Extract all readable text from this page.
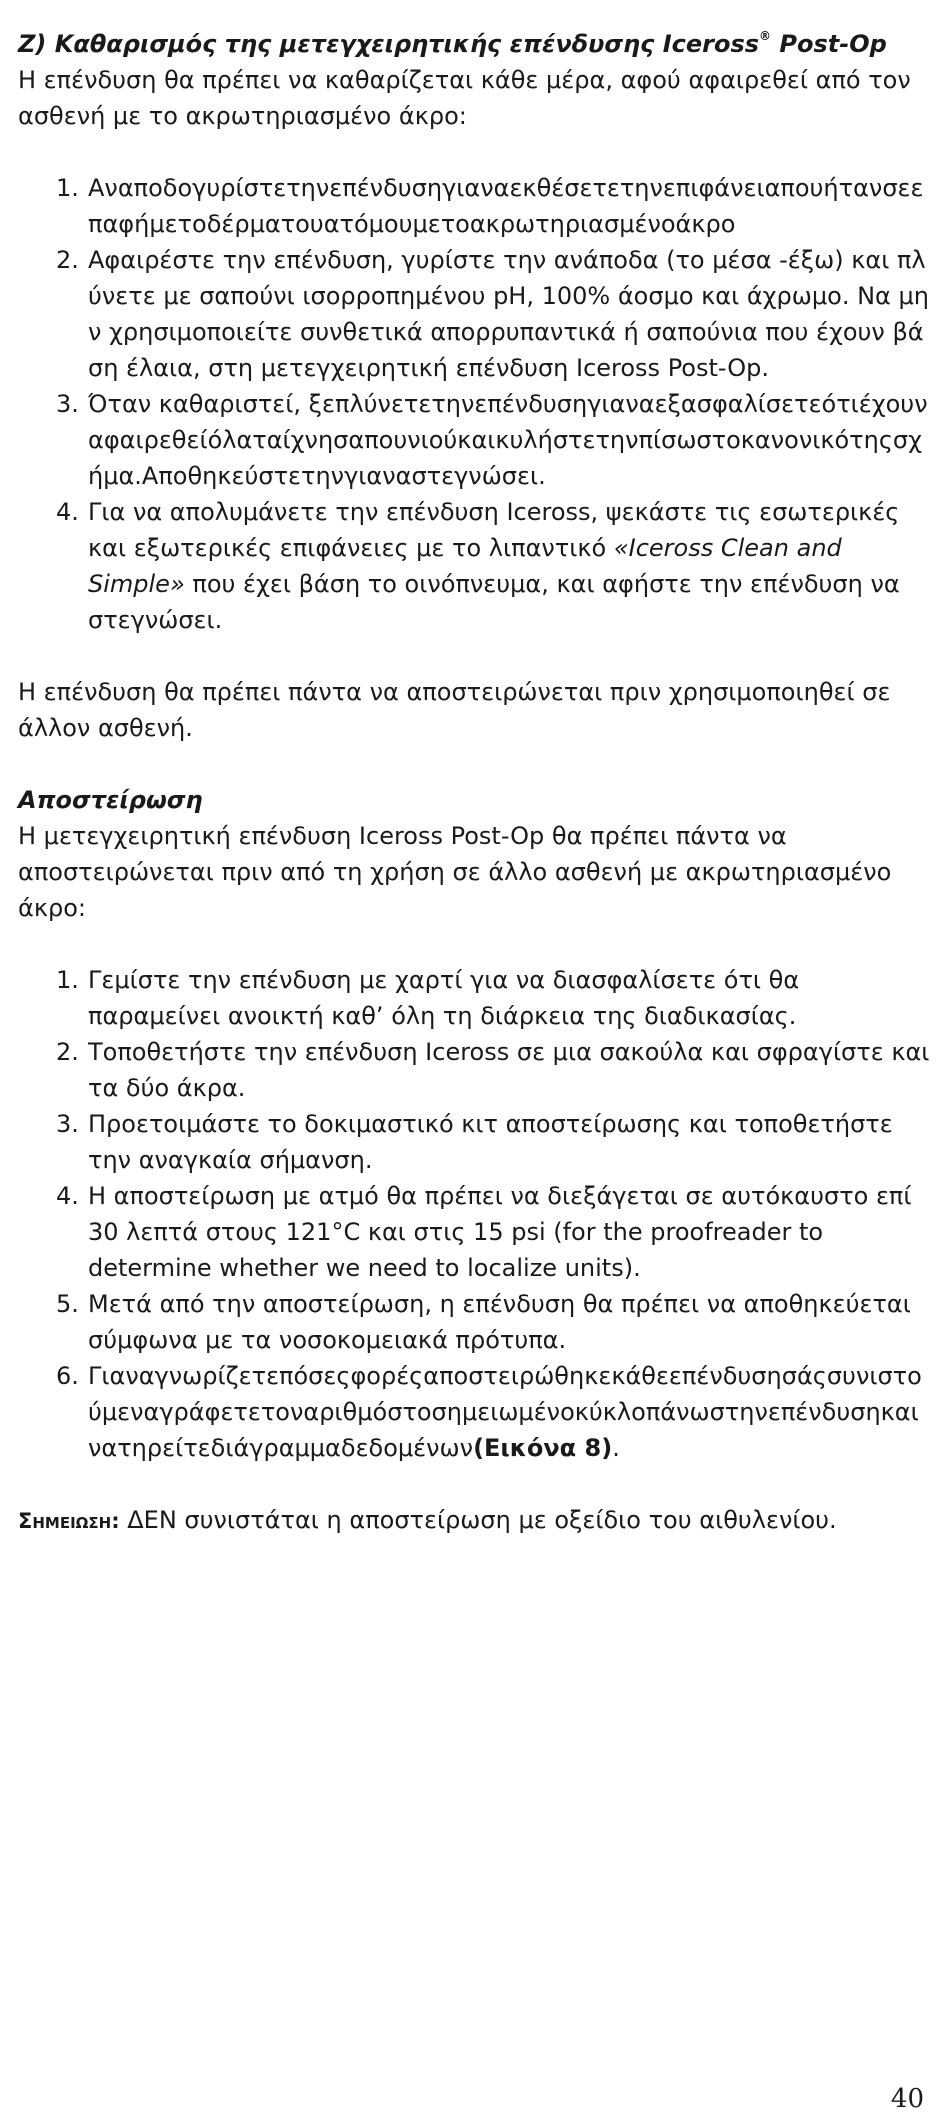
Z) Καθαρισμός της μετεγχειρητικής επένδυσης Iceross® Post-Op

Η επένδυση θα πρέπει να καθαρίζεται κάθε μέρα, αφού αφαιρεθεί από τον ασθενή με το ακρωτηριασμένο άκρο:

1. Αναποδογυρίστετηνεπένδυσηγιαναεκθέσετετηνεπιφάνειαπουήτανσεεπαφήμετοδέρματουατόμουμετοακρωτηριασμένοάκρο
2. Αφαιρέστε την επένδυση, γυρίστε την ανάποδα (το μέσα -έξω) και πλύνετε με σαπούνι ισορροπημένου pH, 100% άοσμο και άχρωμο. Να μην χρησιμοποιείτε συνθετικά απορρυπαντικά ή σαπούνια που έχουν βάση έλαια, στη μετεγχειρητική επένδυση Iceross Post-Op.
3. Όταν καθαριστεί, ξεπλύνετετηνεπένδυσηγιαναεξασφαλίσετεότιέχουναφαιρεθείόλαταίχνησαπουνιούκαικυλήστετηνπίσωστοκανονικότηςσχήμα.Αποθηκεύστετηνγιαναστεγνώσει.
4. Για να απολυμάνετε την επένδυση Iceross, ψεκάστε τις εσωτερικές και εξωτερικές επιφάνειες με το λιπαντικό «Iceross Clean and Simple» που έχει βάση το οινόπνευμα, και αφήστε την επένδυση να στεγνώσει.

Η επένδυση θα πρέπει πάντα να αποστειρώνεται πριν χρησιμοποιηθεί σε άλλον ασθενή.

Αποστείρωση

Η μετεγχειρητική επένδυση Iceross Post-Op θα πρέπει πάντα να αποστειρώνεται πριν από τη χρήση σε άλλο ασθενή με ακρωτηριασμένο άκρο:

1. Γεμίστε την επένδυση με χαρτί για να διασφαλίσετε ότι θα παραμείνει ανοικτή καθ’ όλη τη διάρκεια της διαδικασίας.
2. Τοποθετήστε την επένδυση Iceross σε μια σακούλα και σφραγίστε και τα δύο άκρα.
3. Προετοιμάστε το δοκιμαστικό κιτ αποστείρωσης και τοποθετήστε την αναγκαία σήμανση.
4. Η αποστείρωση με ατμό θα πρέπει να διεξάγεται σε αυτόκαυστο επί 30 λεπτά στους 121°C και στις 15 psi (for the proofreader to determine whether we need to localize units).
5. Μετά από την αποστείρωση, η επένδυση θα πρέπει να αποθηκεύεται σύμφωνα με τα νοσοκομειακά πρότυπα.
6. Γιαναγνωρίζετεπόσεςφορέςαποστειρώθηκεκάθεεπένδυσησάςσυνιστούμεναγράφετετοναριθμόστοσημειωμένοκύκλοπάνωστηνεπένδυσηκαινατηρείτεδιάγραμμαδεδομένων(Εικόνα 8).

Σημειωση: ΔΕΝ συνιστάται η αποστείρωση με οξείδιο του αιθυλενίου.

40
